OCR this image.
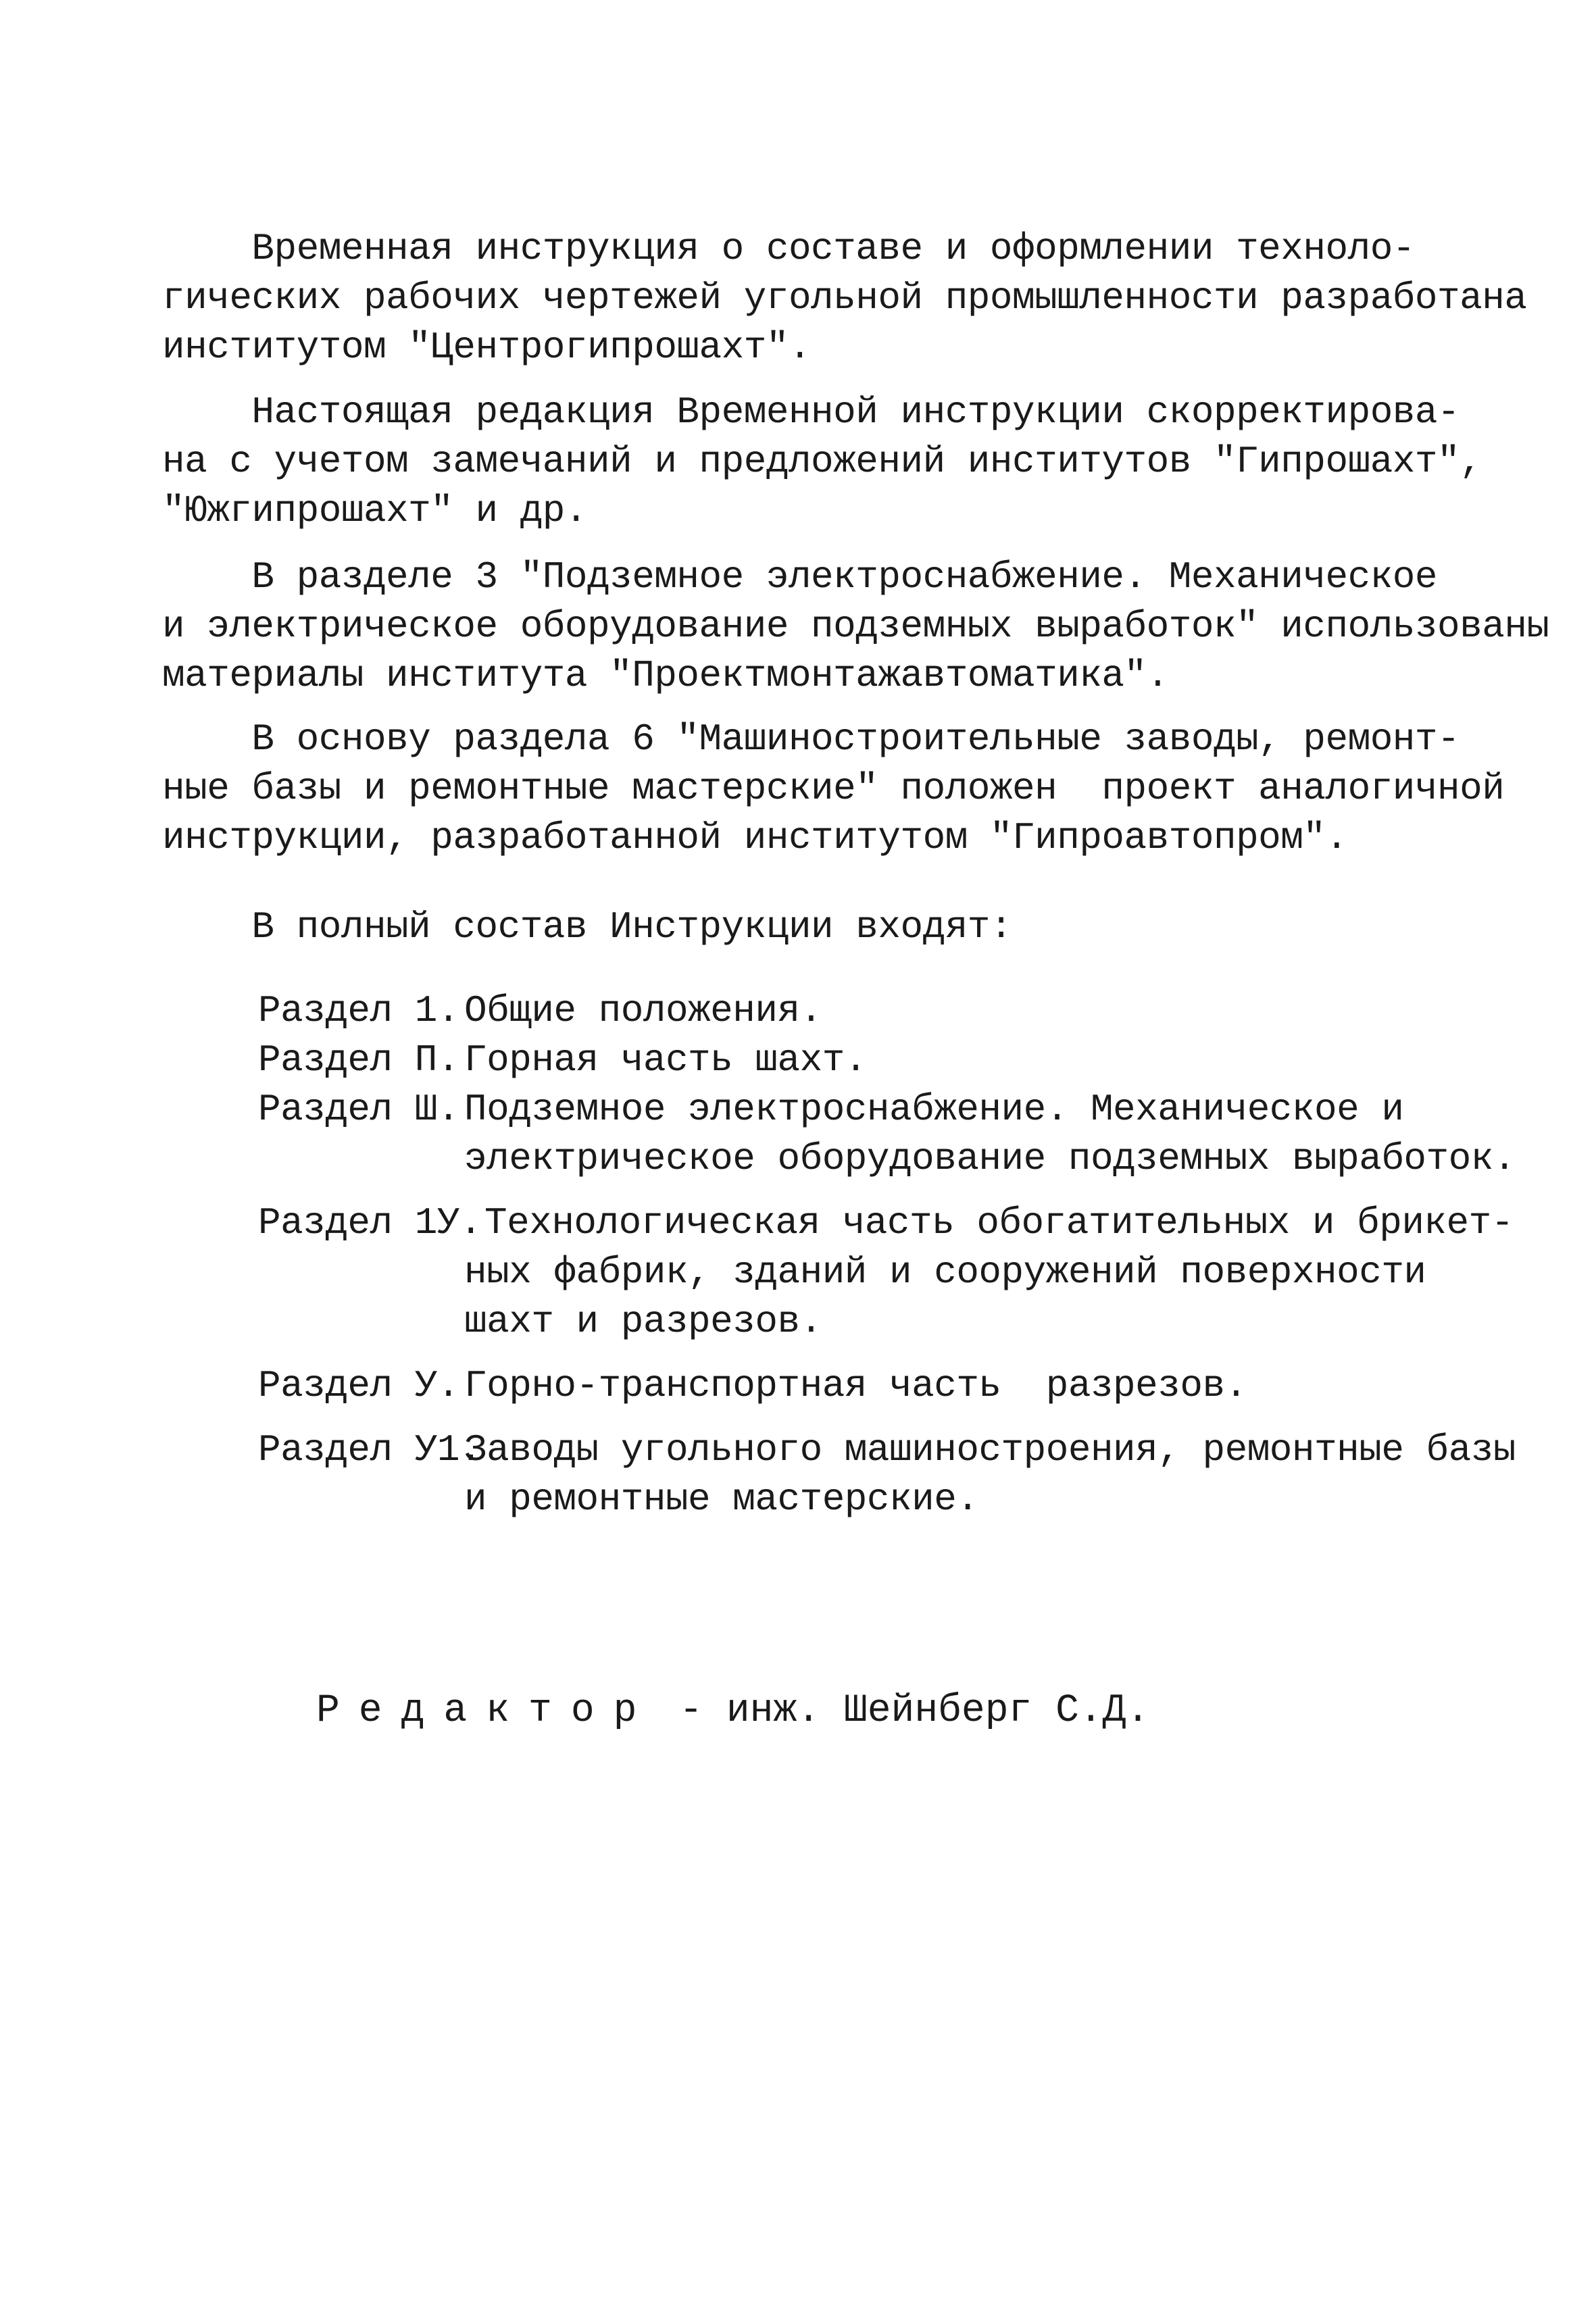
Временная инструкция о составе и оформлении техноло-
гических рабочих чертежей угольной промышленности разработана
институтом "Центрогипрошахт".
Настоящая редакция Временной инструкции скорректирова-
на с учетом замечаний и предложений институтов "Гипрошахт",
"Южгипрошахт" и др.
В разделе 3 "Подземное электроснабжение. Механическое
и электрическое оборудование подземных выработок" использованы
материалы института "Проектмонтажавтоматика".
В основу раздела 6 "Машиностроительные заводы, ремонт-
ные базы и ремонтные мастерские" положен  проект аналогичной
инструкции, разработанной институтом "Гипроавтопром".
В полный состав Инструкции входят:
Раздел 1. Общие положения.
Раздел П. Горная часть шахт.
Раздел Ш. Подземное электроснабжение. Механическое и
электрическое оборудование подземных выработок.
Раздел 1У. Технологическая часть обогатительных и брикет-
ных фабрик, зданий и сооружений поверхности
шахт и разрезов.
Раздел У. Горно-транспортная часть  разрезов.
Раздел У1.
Заводы угольного машиностроения, ремонтные базы
и ремонтные мастерские.
Редактор - инж. Шейнберг С.Д.
